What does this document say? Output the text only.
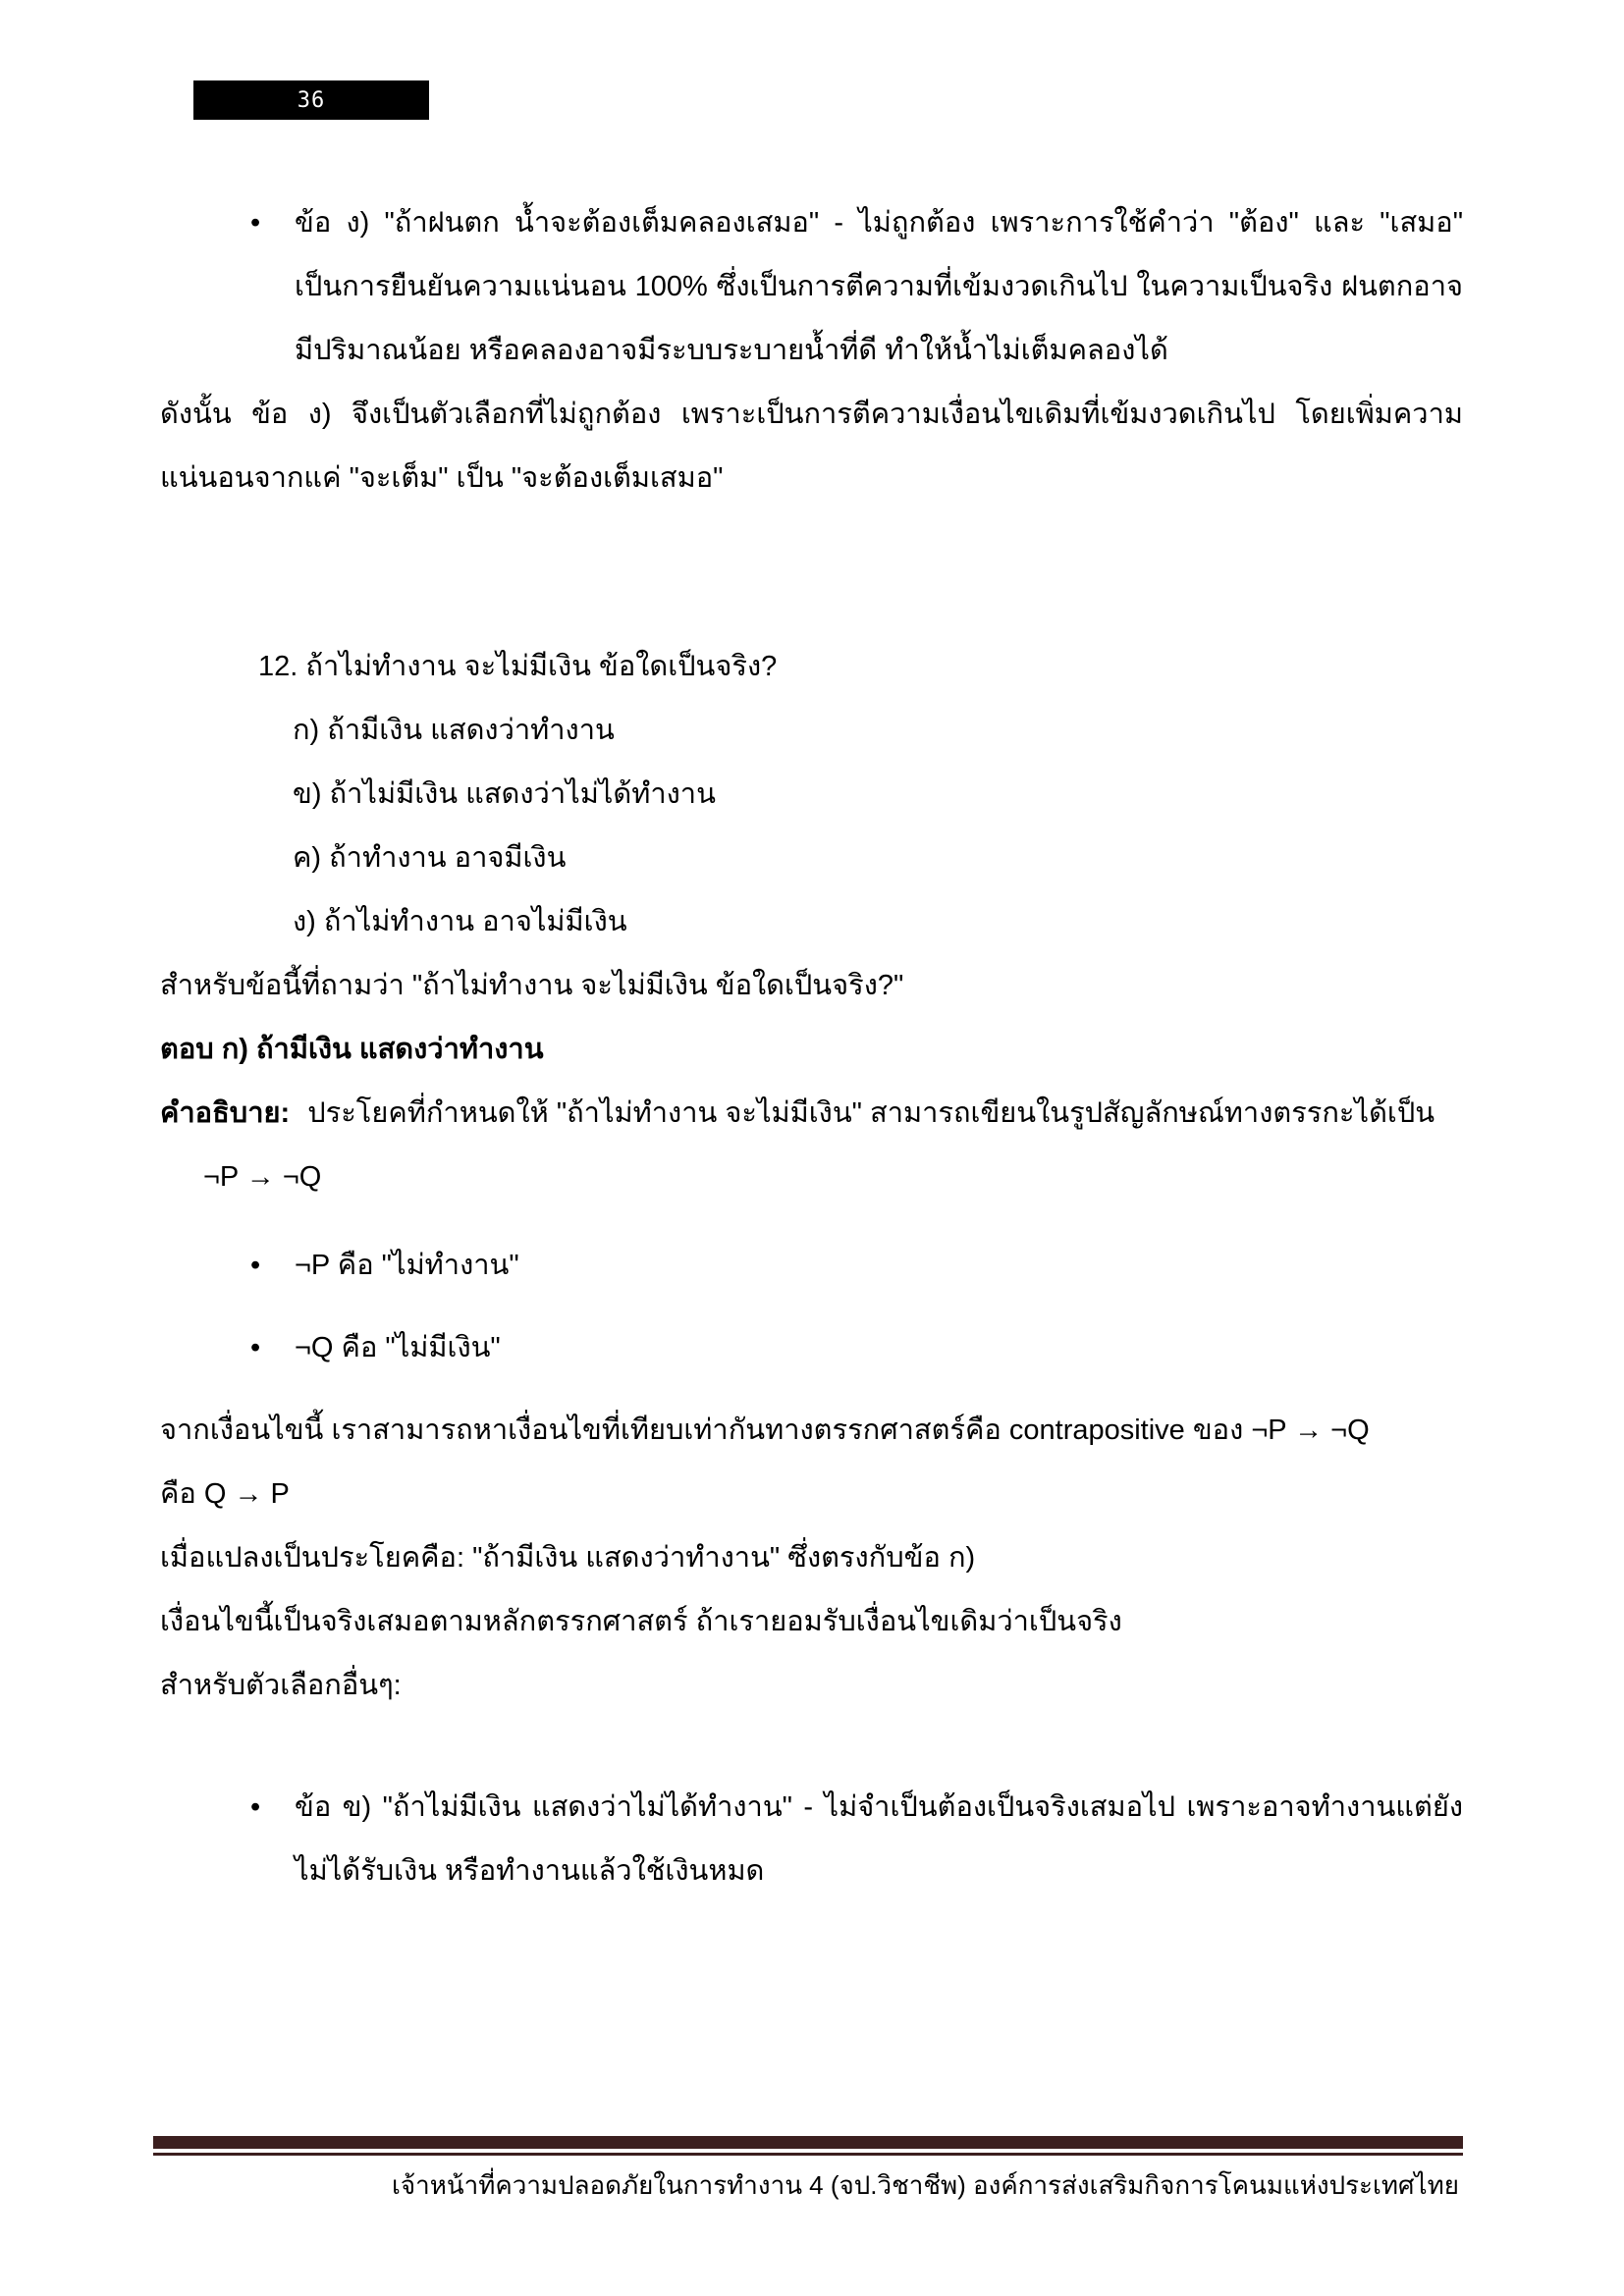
36
• ข้อ ง) "ถ้าฝนตก น้ำจะต้องเต็มคลองเสมอ" - ไม่ถูกต้อง เพราะการใช้คำว่า "ต้อง" และ "เสมอ" เป็นการยืนยันความแน่นอน 100% ซึ่งเป็นการตีความที่เข้มงวดเกินไป ในความเป็นจริง ฝนตกอาจมีปริมาณน้อย หรือคลองอาจมีระบบระบายน้ำที่ดี ทำให้น้ำไม่เต็มคลองได้

ดังนั้น ข้อ ง) จึงเป็นตัวเลือกที่ไม่ถูกต้อง เพราะเป็นการตีความเงื่อนไขเดิมที่เข้มงวดเกินไป โดยเพิ่มความแน่นอนจากแค่ "จะเต็ม" เป็น "จะต้องเต็มเสมอ"

12. ถ้าไม่ทำงาน จะไม่มีเงิน ข้อใดเป็นจริง?

ก) ถ้ามีเงิน แสดงว่าทำงาน

ข) ถ้าไม่มีเงิน แสดงว่าไม่ได้ทำงาน

ค) ถ้าทำงาน อาจมีเงิน

ง) ถ้าไม่ทำงาน อาจไม่มีเงิน

สำหรับข้อนี้ที่ถามว่า "ถ้าไม่ทำงาน จะไม่มีเงิน ข้อใดเป็นจริง?"

ตอบ ก) ถ้ามีเงิน แสดงว่าทำงาน

คำอธิบาย: ประโยคที่กำหนดให้ "ถ้าไม่ทำงาน จะไม่มีเงิน" สามารถเขียนในรูปสัญลักษณ์ทางตรรกะได้เป็น

¬P → ¬Q

• ¬P คือ "ไม่ทำงาน"
• ¬Q คือ "ไม่มีเงิน"

จากเงื่อนไขนี้ เราสามารถหาเงื่อนไขที่เทียบเท่ากันทางตรรกศาสตร์คือ contrapositive ของ ¬P → ¬Q
คือ Q → P

เมื่อแปลงเป็นประโยคคือ: "ถ้ามีเงิน แสดงว่าทำงาน" ซึ่งตรงกับข้อ ก)

เงื่อนไขนี้เป็นจริงเสมอตามหลักตรรกศาสตร์ ถ้าเรายอมรับเงื่อนไขเดิมว่าเป็นจริง

สำหรับตัวเลือกอื่นๆ:

• ข้อ ข) "ถ้าไม่มีเงิน แสดงว่าไม่ได้ทำงาน" - ไม่จำเป็นต้องเป็นจริงเสมอไป เพราะอาจทำงานแต่ยังไม่ได้รับเงิน หรือทำงานแล้วใช้เงินหมด
เจ้าหน้าที่ความปลอดภัยในการทำงาน 4 (จป.วิชาชีพ) องค์การส่งเสริมกิจการโคนมแห่งประเทศไทย
